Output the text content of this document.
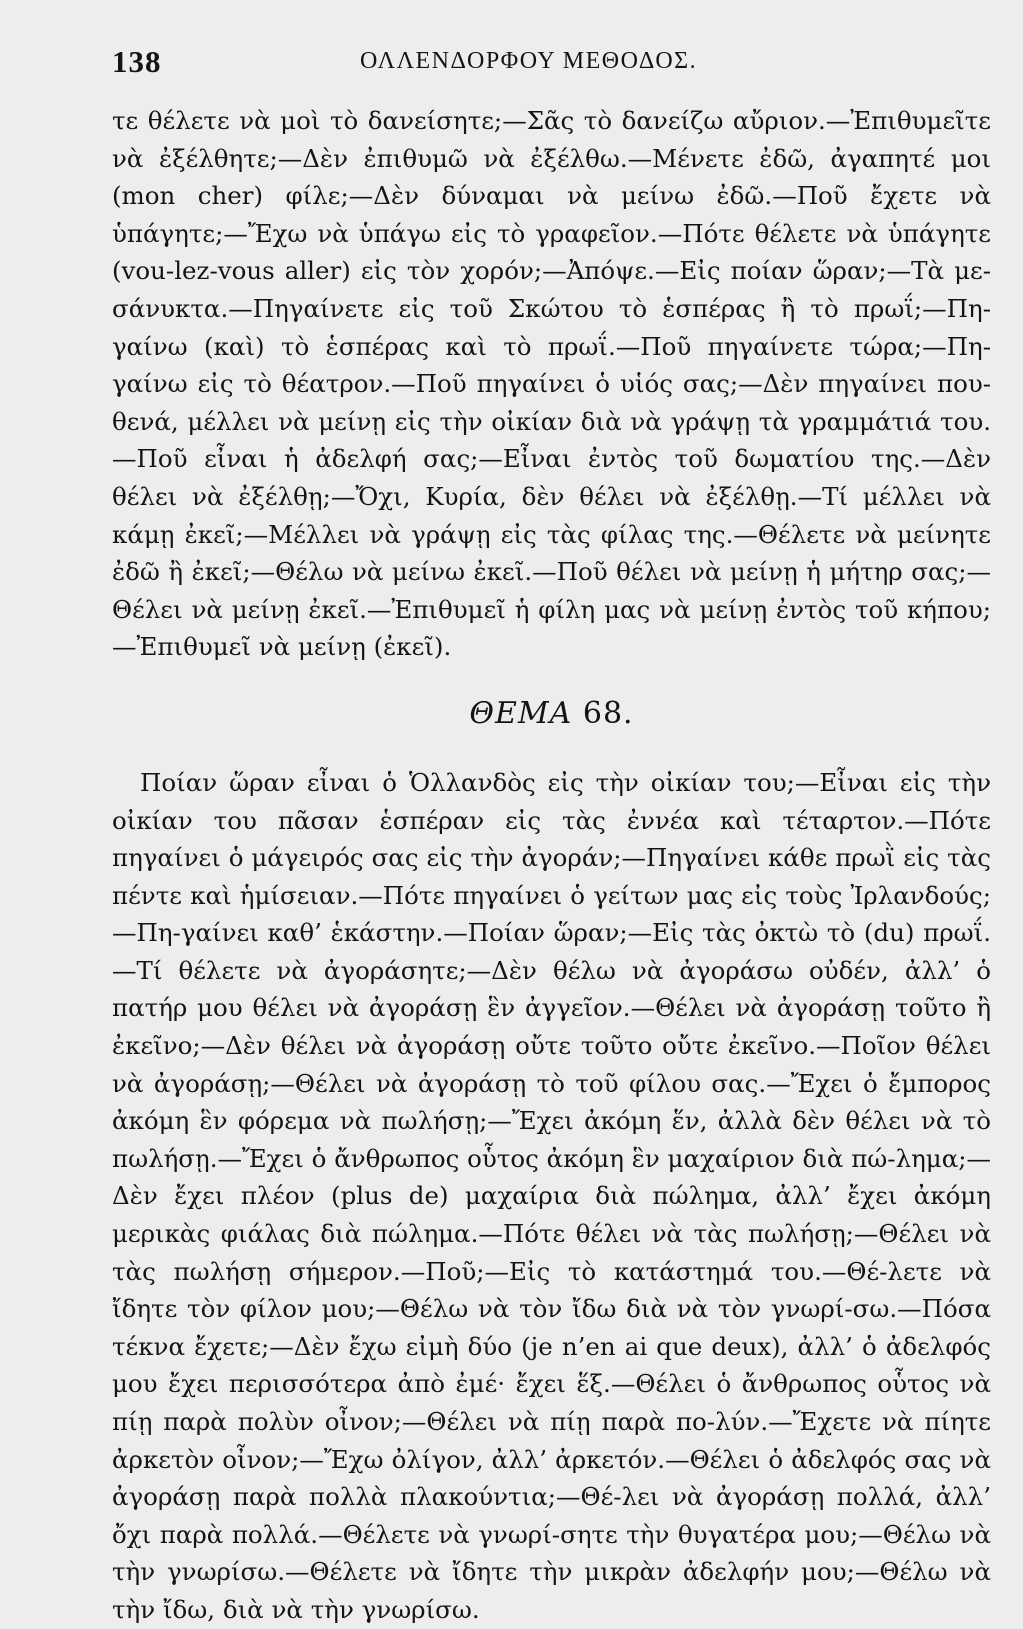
138	ΟΛΛΕΝΔΟΡΦΟΥ ΜΕΘΟΔΟΣ.

τε θέλετε νὰ μοὶ τὸ δανείσητε;—Σᾶς τὸ δανείζω αὔριον.—Ἐπιθυμεῖτε νὰ ἐξέλθητε;—Δὲν ἐπιθυμῶ νὰ ἐξέλθω.—Μένετε ἐδῶ, ἀγαπητέ μοι (mon cher) φίλε;—Δὲν δύναμαι νὰ μείνω ἐδῶ.—Ποῦ ἔχετε νὰ ὑπάγητε;—Ἔχω νὰ ὑπάγω εἰς τὸ γραφεῖον.—Πότε θέλετε νὰ ὑπάγητε (vou-lez-vous aller) εἰς τὸν χορόν;—Ἀπόψε.—Εἰς ποίαν ὥραν;—Τὰ με-σάνυκτα.—Πηγαίνετε εἰς τοῦ Σκώτου τὸ ἑσπέρας ἢ τὸ πρωΐ;—Πη-γαίνω (καὶ) τὸ ἑσπέρας καὶ τὸ πρωΐ.—Ποῦ πηγαίνετε τώρα;—Πη-γαίνω εἰς τὸ θέατρον.—Ποῦ πηγαίνει ὁ υἱός σας;—Δὲν πηγαίνει που-θενά, μέλλει νὰ μείνῃ εἰς τὴν οἰκίαν διὰ νὰ γράψῃ τὰ γραμμάτιά του.—Ποῦ εἶναι ἡ ἀδελφή σας;—Εἶναι ἐντὸς τοῦ δωματίου της.—Δὲν θέλει νὰ ἐξέλθῃ;—Ὄχι, Κυρία, δὲν θέλει νὰ ἐξέλθῃ.—Τί μέλλει νὰ κάμῃ ἐκεῖ;—Μέλλει νὰ γράψῃ εἰς τὰς φίλας της.—Θέλετε νὰ μείνητε ἐδῶ ἢ ἐκεῖ;—Θέλω νὰ μείνω ἐκεῖ.—Ποῦ θέλει νὰ μείνῃ ἡ μήτηρ σας;—Θέλει νὰ μείνῃ ἐκεῖ.—Ἐπιθυμεῖ ἡ φίλη μας νὰ μείνῃ ἐντὸς τοῦ κήπου;—Ἐπιθυμεῖ νὰ μείνῃ (ἐκεῖ).

ΘΕΜΑ 68.

Ποίαν ὥραν εἶναι ὁ Ὁλλανδὸς εἰς τὴν οἰκίαν του;—Εἶναι εἰς τὴν οἰκίαν του πᾶσαν ἑσπέραν εἰς τὰς ἐννέα καὶ τέταρτον.—Πότε πηγαίνει ὁ μάγειρός σας εἰς τὴν ἀγοράν;—Πηγαίνει κάθε πρωῒ εἰς τὰς πέντε καὶ ἡμίσειαν.—Πότε πηγαίνει ὁ γείτων μας εἰς τοὺς Ἰρλανδούς;—Πη-γαίνει καθ’ ἑκάστην.—Ποίαν ὥραν;—Εἰς τὰς ὀκτὼ τὸ (du) πρωΐ.—Τί θέλετε νὰ ἀγοράσητε;—Δὲν θέλω νὰ ἀγοράσω οὐδέν, ἀλλ’ ὁ πατήρ μου θέλει νὰ ἀγοράσῃ ἓν ἀγγεῖον.—Θέλει νὰ ἀγοράσῃ τοῦτο ἢ ἐκεῖνο;—Δὲν θέλει νὰ ἀγοράσῃ οὔτε τοῦτο οὔτε ἐκεῖνο.—Ποῖον θέλει νὰ ἀγοράσῃ;—Θέλει νὰ ἀγοράσῃ τὸ τοῦ φίλου σας.—Ἔχει ὁ ἔμπορος ἀκόμη ἓν φόρεμα νὰ πωλήσῃ;—Ἔχει ἀκόμη ἕν, ἀλλὰ δὲν θέλει νὰ τὸ πωλήσῃ.—Ἔχει ὁ ἄνθρωπος οὗτος ἀκόμη ἓν μαχαίριον διὰ πώ-λημα;—Δὲν ἔχει πλέον (plus de) μαχαίρια διὰ πώλημα, ἀλλ’ ἔχει ἀκόμη μερικὰς φιάλας διὰ πώλημα.—Πότε θέλει νὰ τὰς πωλήσῃ;—Θέλει νὰ τὰς πωλήσῃ σήμερον.—Ποῦ;—Εἰς τὸ κατάστημά του.—Θέ-λετε νὰ ἴδητε τὸν φίλον μου;—Θέλω νὰ τὸν ἴδω διὰ νὰ τὸν γνωρί-σω.—Πόσα τέκνα ἔχετε;—Δὲν ἔχω εἰμὴ δύο (je n’en ai que deux), ἀλλ’ ὁ ἀδελφός μου ἔχει περισσότερα ἀπὸ ἐμέ· ἔχει ἕξ.—Θέλει ὁ ἄνθρωπος οὗτος νὰ πίῃ παρὰ πολὺν οἶνον;—Θέλει νὰ πίῃ παρὰ πο-λύν.—Ἔχετε νὰ πίητε ἀρκετὸν οἶνον;—Ἔχω ὀλίγον, ἀλλ’ ἀρκετόν.—Θέλει ὁ ἀδελφός σας νὰ ἀγοράσῃ παρὰ πολλὰ πλακούντια;—Θέ-λει νὰ ἀγοράσῃ πολλά, ἀλλ’ ὄχι παρὰ πολλά.—Θέλετε νὰ γνωρί-σητε τὴν θυγατέρα μου;—Θέλω νὰ τὴν γνωρίσω.—Θέλετε νὰ ἴδητε τὴν μικρὰν ἀδελφήν μου;—Θέλω νὰ τὴν ἴδω, διὰ νὰ τὴν γνωρίσω.
